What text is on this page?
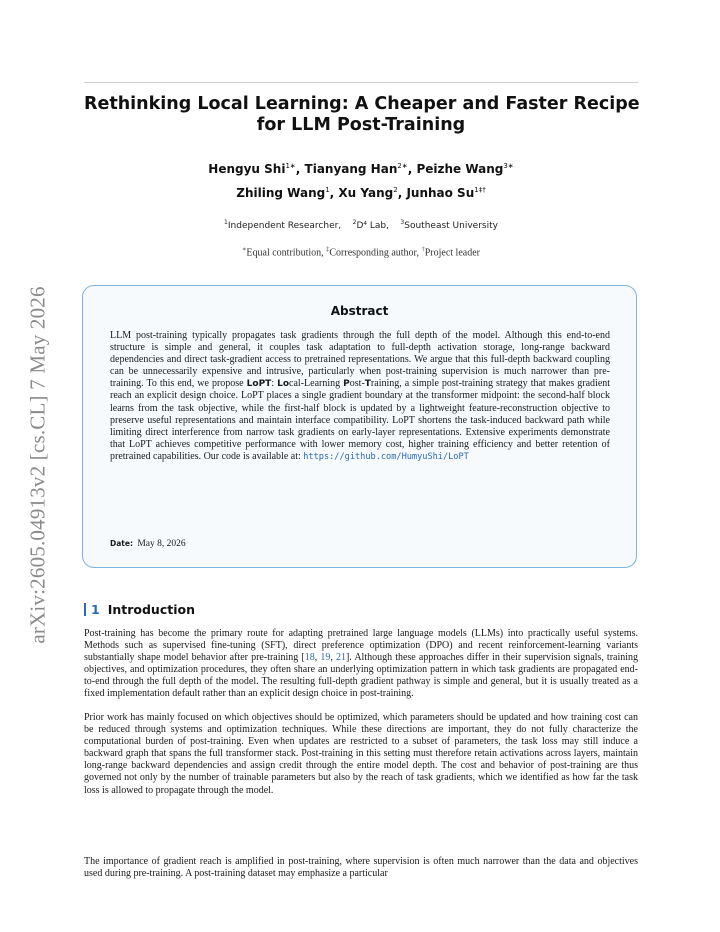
arXiv:2605.04913v2 [cs.CL] 7 May 2026
Rethinking Local Learning: A Cheaper and Faster Recipe
for LLM Post-Training
Hengyu Shi$^{1∗}$, Tianyang Han$^{2∗}$, Peizhe Wang$^{3∗}$
Zhiling Wang$^1$, Xu Yang$^2$, Junhao $Su^{1\ddagger\dagger}$
$^1$Independent Researcher, $^2$D⁴ Lab, $^3$Southeast University
∗Equal contribution, ‡Corresponding author, †Project leader
Abstract
LLM post-training typically propagates task gradients through the full depth of the model. Although this end-to-end structure is simple and general, it couples task adaptation to full-depth activation storage, long-range backward dependencies and direct task-gradient access to pretrained representations. We argue that this full-depth backward coupling can be unnecessarily expensive and intrusive, particularly when post-training supervision is much narrower than pre-training. To this end, we propose LoPT: Local-Learning Post-Training, a simple post-training strategy that makes gradient reach an explicit design choice. LoPT places a single gradient boundary at the transformer midpoint: the second-half block learns from the task objective, while the first-half block is updated by a lightweight feature-reconstruction objective to preserve useful representations and maintain interface compatibility. LoPT shortens the task-induced backward path while limiting direct interference from narrow task gradients on early-layer representations. Extensive experiments demonstrate that LoPT achieves competitive performance with lower memory cost, higher training efficiency and better retention of pretrained capabilities. Our code is available at: https://github.com/HumyuShi/LoPT
Date: May 8, 2026
1 Introduction
Post-training has become the primary route for adapting pretrained large language models (LLMs) into practically useful systems. Methods such as supervised fine-tuning (SFT), direct preference optimization (DPO) and recent reinforcement-learning variants substantially shape model behavior after pre-training [18, 19, 21]. Although these approaches differ in their supervision signals, training objectives, and optimization procedures, they often share an underlying optimization pattern in which task gradients are propagated end-to-end through the full depth of the model. The resulting full-depth gradient pathway is simple and general, but it is usually treated as a fixed implementation default rather than an explicit design choice in post-training.
Prior work has mainly focused on which objectives should be optimized, which parameters should be updated and how training cost can be reduced through systems and optimization techniques. While these directions are important, they do not fully characterize the computational burden of post-training. Even when updates are restricted to a subset of parameters, the task loss may still induce a backward graph that spans the full transformer stack. Post-training in this setting must therefore retain activations across layers, maintain long-range backward dependencies and assign credit through the entire model depth. The cost and behavior of post-training are thus governed not only by the number of trainable parameters but also by the reach of task gradients, which we identified as how far the task loss is allowed to propagate through the model.
The importance of gradient reach is amplified in post-training, where supervision is often much narrower than the data and objectives used during pre-training. A post-training dataset may emphasize a particular
